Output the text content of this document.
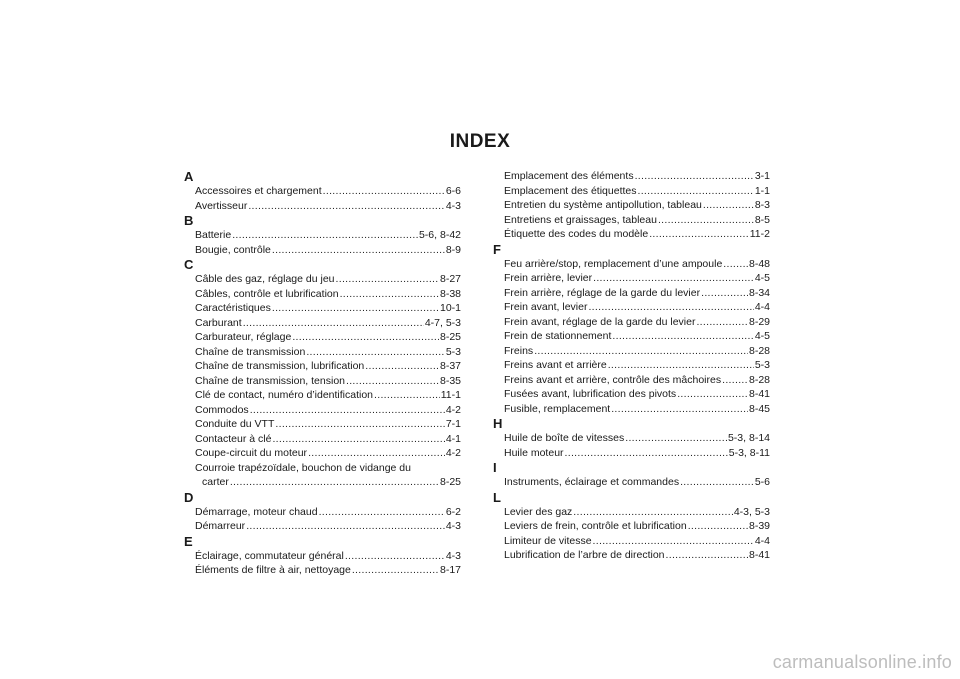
INDEX
A
Accessoires et chargement .....	6-6
Avertisseur .....	4-3
B
Batterie .....	5-6, 8-42
Bougie, contrôle .....	8-9
C
Câble des gaz, réglage du jeu .....	8-27
Câbles, contrôle et lubrification .....	8-38
Caractéristiques .....	10-1
Carburant .....	4-7, 5-3
Carburateur, réglage .....	8-25
Chaîne de transmission .....	5-3
Chaîne de transmission, lubrification .....	8-37
Chaîne de transmission, tension .....	8-35
Clé de contact, numéro d’identification .....	11-1
Commodos .....	4-2
Conduite du VTT .....	7-1
Contacteur à clé .....	4-1
Coupe-circuit du moteur .....	4-2
Courroie trapézoïdale, bouchon de vidange du
carter .....	8-25
D
Démarrage, moteur chaud .....	6-2
Démarreur .....	4-3
E
Éclairage, commutateur général .....	4-3
Éléments de filtre à air, nettoyage .....	8-17
Emplacement des éléments .....	3-1
Emplacement des étiquettes .....	1-1
Entretien du système antipollution, tableau .....	8-3
Entretiens et graissages, tableau .....	8-5
Étiquette des codes du modèle .....	11-2
F
Feu arrière/stop, remplacement d’une ampoule .....	8-48
Frein arrière, levier .....	4-5
Frein arrière, réglage de la garde du levier .....	8-34
Frein avant, levier .....	4-4
Frein avant, réglage de la garde du levier .....	8-29
Frein de stationnement .....	4-5
Freins .....	8-28
Freins avant et arrière .....	5-3
Freins avant et arrière, contrôle des mâchoires .....	8-28
Fusées avant, lubrification des pivots .....	8-41
Fusible, remplacement .....	8-45
H
Huile de boîte de vitesses .....	5-3, 8-14
Huile moteur .....	5-3, 8-11
I
Instruments, éclairage et commandes .....	5-6
L
Levier des gaz .....	4-3, 5-3
Leviers de frein, contrôle et lubrification .....	8-39
Limiteur de vitesse .....	4-4
Lubrification de l’arbre de direction .....	8-41
carmanualsonline.info
